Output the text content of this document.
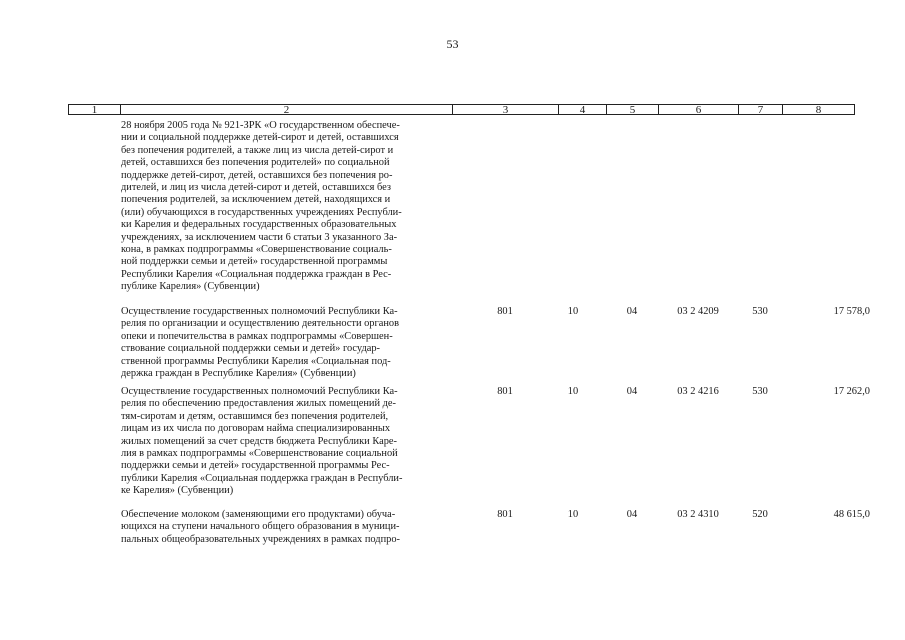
53
1	2	3	4	5	6	7	8
28 ноября 2005 года № 921-ЗРК «О государственном обеспече-
нии и социальной поддержке детей-сирот и детей, оставшихся
без попечения родителей, а также лиц из числа детей-сирот и
детей, оставшихся без попечения родителей» по социальной
поддержке детей-сирот, детей, оставшихся без попечения ро-
дителей, и лиц из числа детей-сирот и детей, оставшихся без
попечения родителей, за исключением детей, находящихся и
(или) обучающихся в государственных учреждениях Республи-
ки Карелия и федеральных государственных образовательных
учреждениях, за исключением части 6 статьи 3 указанного За-
кона, в рамках подпрограммы «Совершенствование социаль-
ной поддержки семьи и детей» государственной программы
Республики Карелия «Социальная поддержка граждан в Рес-
публике Карелия» (Субвенции)
Осуществление государственных полномочий Республики Ка-
релия по организации и осуществлению деятельности органов
опеки и попечительства в рамках подпрограммы «Совершен-
ствование социальной поддержки семьи и детей» государ-
ственной программы Республики Карелия «Социальная под-
держка граждан в Республике Карелия» (Субвенции)
801	10	04	03 2 4209	530	17 578,0
Осуществление государственных полномочий Республики Ка-
релия по обеспечению предоставления жилых помещений де-
тям-сиротам и детям, оставшимся без попечения родителей,
лицам из их числа по договорам найма специализированных
жилых помещений за счет средств бюджета Республики Каре-
лия в рамках подпрограммы «Совершенствование социальной
поддержки семьи и детей» государственной программы Рес-
публики Карелия «Социальная поддержка граждан в Республи-
ке Карелия» (Субвенции)
801	10	04	03 2 4216	530	17 262,0
Обеспечение молоком (заменяющими его продуктами) обуча-
ющихся на ступени начального общего образования в муници-
пальных общеобразовательных учреждениях в рамках подпро-
801	10	04	03 2 4310	520	48 615,0
